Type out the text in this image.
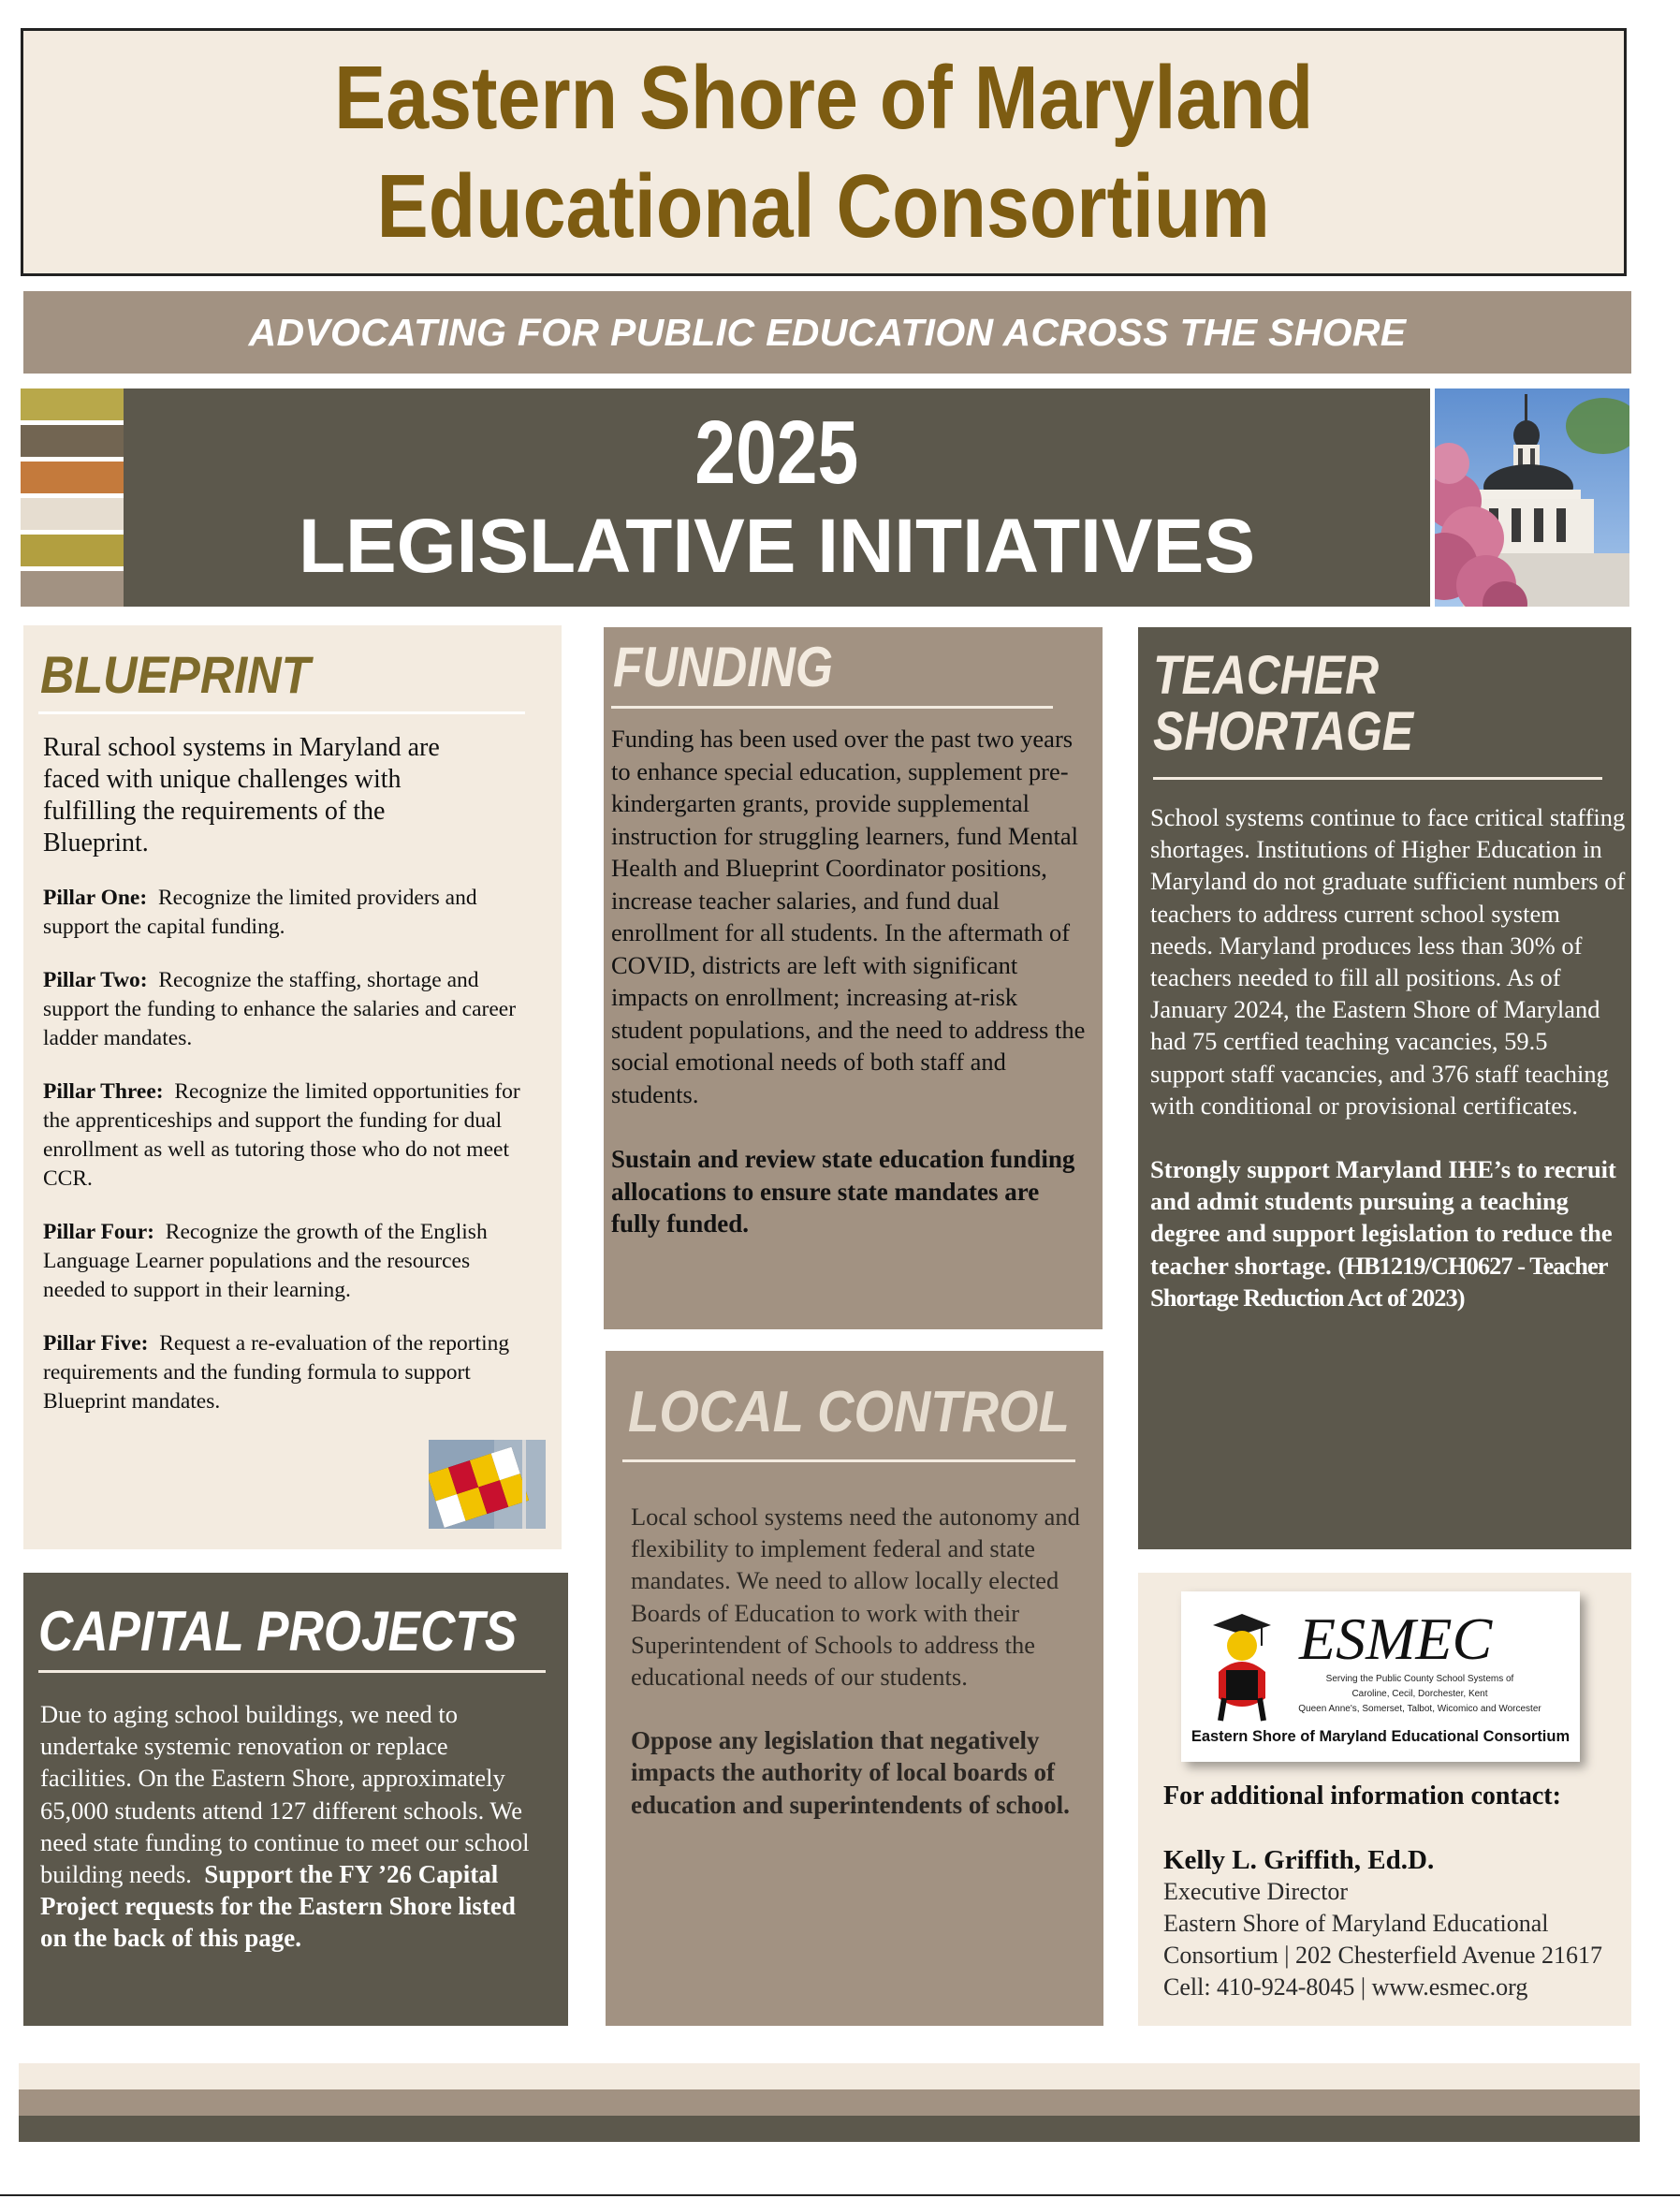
Eastern Shore of Maryland
Educational Consortium
ADVOCATING FOR PUBLIC EDUCATION ACROSS THE SHORE
2025
LEGISLATIVE INITIATIVES
BLUEPRINT

Rural school systems in Maryland are faced with unique challenges with fulfilling the requirements of the Blueprint.

Pillar One: Recognize the limited providers and support the capital funding.

Pillar Two: Recognize the staffing, shortage and support the funding to enhance the salaries and career ladder mandates.

Pillar Three: Recognize the limited opportunities for the apprenticeships and support the funding for dual enrollment as well as tutoring those who do not meet CCR.

Pillar Four: Recognize the growth of the English Language Learner populations and the resources needed to support in their learning.

Pillar Five: Request a re-evaluation of the reporting requirements and the funding formula to support Blueprint mandates.

FUNDING

Funding has been used over the past two years to enhance special education, supplement pre-kindergarten grants, provide supplemental instruction for struggling learners, fund Mental Health and Blueprint Coordinator positions, increase teacher salaries, and fund dual enrollment for all students. In the aftermath of COVID, districts are left with significant impacts on enrollment; increasing at-risk student populations, and the need to address the social emotional needs of both staff and students.

Sustain and review state education funding allocations to ensure state mandates are fully funded.

TEACHER
SHORTAGE

School systems continue to face critical staffing shortages. Institutions of Higher Education in Maryland do not graduate sufficient numbers of teachers to address current school system needs. Maryland produces less than 30% of teachers needed to fill all positions. As of January 2024, the Eastern Shore of Maryland had 75 certfied teaching vacancies, 59.5 support staff vacancies, and 376 staff teaching with conditional or provisional certificates.

Strongly support Maryland IHE’s to recruit and admit students pursuing a teaching degree and support legislation to reduce the teacher shortage. (HB1219/CH0627 - Teacher Shortage Reduction Act of 2023)

LOCAL CONTROL

Local school systems need the autonomy and flexibility to implement federal and state mandates. We need to allow locally elected Boards of Education to work with their Superintendent of Schools to address the educational needs of our students.

Oppose any legislation that negatively impacts the authority of local boards of education and superintendents of school.

CAPITAL PROJECTS

Due to aging school buildings, we need to undertake systemic renovation or replace facilities. On the Eastern Shore, approximately 65,000 students attend 127 different schools. We need state funding to continue to meet our school building needs. Support the FY ’26 Capital Project requests for the Eastern Shore listed on the back of this page.

ESMEC
Serving the Public County School Systems of
Caroline, Cecil, Dorchester, Kent
Queen Anne's, Somerset, Talbot, Wicomico and Worcester
Eastern Shore of Maryland Educational Consortium

For additional information contact:

Kelly L. Griffith, Ed.D.

Executive Director

Eastern Shore of Maryland Educational

Consortium | 202 Chesterfield Avenue 21617

Cell: 410-924-8045 | www.esmec.org
